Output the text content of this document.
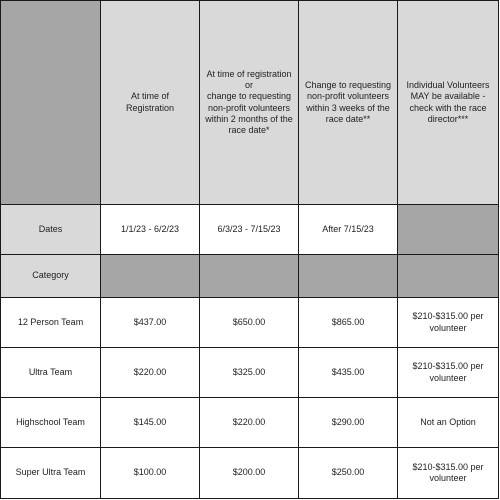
	At time of Registration	At time of registration
or
change to requesting non-profit volunteers within 2 months of the race date*	Change to requesting non-profit volunteers within 3 weeks of the race date**	Individual Volunteers MAY be available - check with the race director***
Dates	1/1/23 - 6/2/23	6/3/23 - 7/15/23	After 7/15/23	
Category				
12 Person Team	$437.00	$650.00	$865.00	$210-$315.00 per volunteer
Ultra Team	$220.00	$325.00	$435.00	$210-$315.00 per volunteer
Highschool Team	$145.00	$220.00	$290.00	Not an Option
Super Ultra Team	$100.00	$200.00	$250.00	$210-$315.00 per volunteer
